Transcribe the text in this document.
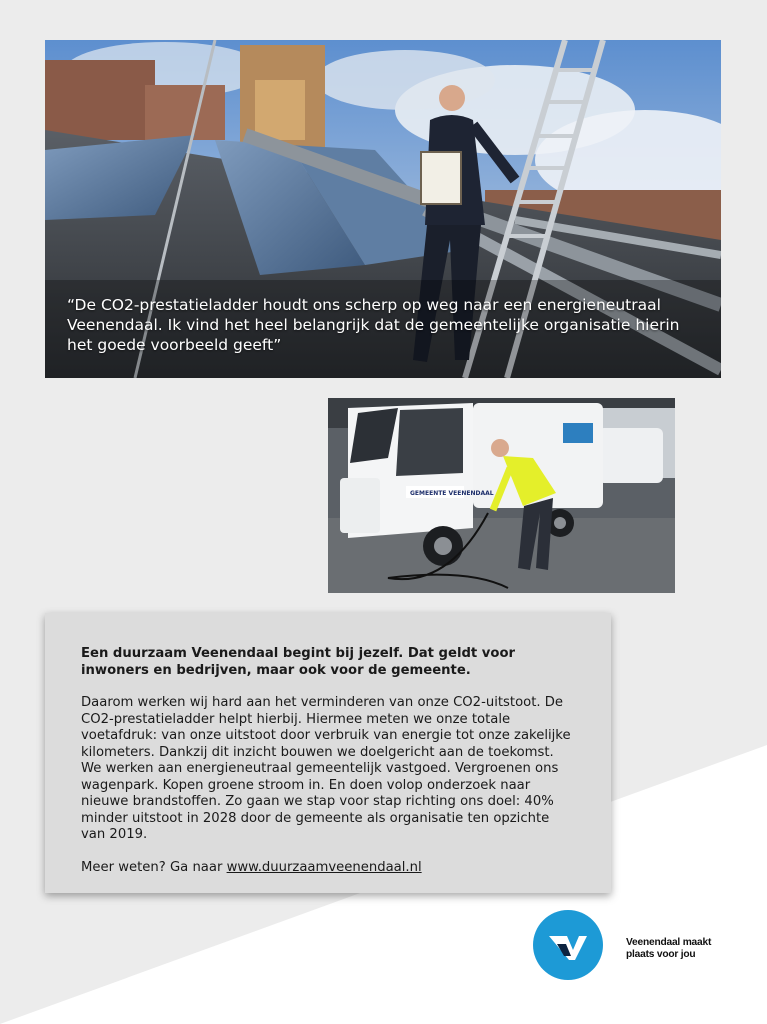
“De CO2-prestatieladder houdt ons scherp op weg naar een energieneutraal Veenendaal. Ik vind het heel belangrijk dat de gemeentelijke organisatie hierin het goede voorbeeld geeft”
GEMEENTE VEENENDAAL

Een duurzaam Veenendaal begint bij jezelf. Dat geldt voor inwoners en bedrijven, maar ook voor de gemeente.

Daarom werken wij hard aan het verminderen van onze CO2-uitstoot. De CO2-prestatieladder helpt hierbij. Hiermee meten we onze totale voetafdruk: van onze uitstoot door verbruik van energie tot onze zakelijke kilometers. Dankzij dit inzicht bouwen we doelgericht aan de toekomst. We werken aan energieneutraal gemeentelijk vastgoed. Vergroenen ons wagenpark. Kopen groene stroom in. En doen volop onderzoek naar nieuwe brandstoffen. Zo gaan we stap voor stap richting ons doel: 40% minder uitstoot in 2028 door de gemeente als organisatie ten opzichte van 2019.

Meer weten? Ga naar www.duurzaamveenendaal.nl

Veenendaal maakt
plaats voor jou
